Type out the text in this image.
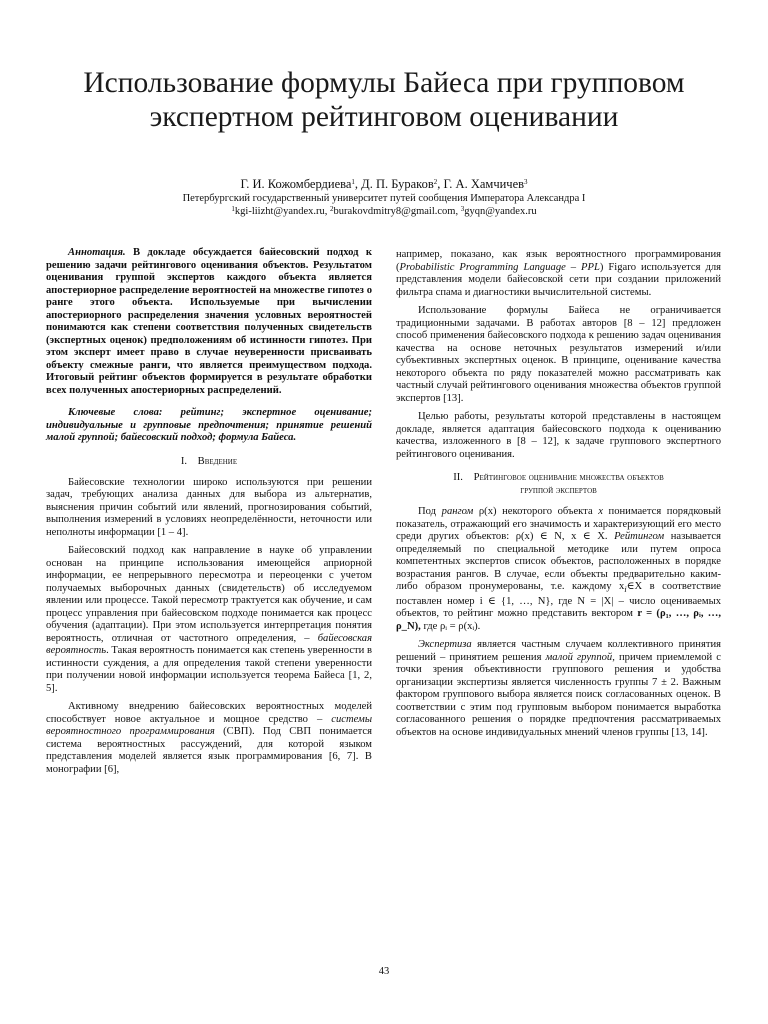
Использование формулы Байеса при групповом экспертном рейтинговом оценивании
Г. И. Кожомбердиева$^1$, Д. П. Бураков$^2$, Г. А. Хамчичев$^3$
Петербургский государственный университет путей сообщения Императора Александра I
$^1$kgi-liizht@yandex.ru, $^2$burakovdmitry8@gmail.com, $^3$gyqn@yandex.ru

Аннотация. В докладе обсуждается байесовский подход к решению задачи рейтингового оценивания объектов. Результатом оценивания группой экспертов каждого объекта является апостериорное распределение вероятностей на множестве гипотез о ранге этого объекта. Используемые при вычислении апостериорного распределения значения условных вероятностей понимаются как степени соответствия полученных свидетельств (экспертных оценок) предположениям об истинности гипотез. При этом эксперт имеет право в случае неуверенности присваивать объекту смежные ранги, что является преимуществом подхода. Итоговый рейтинг объектов формируется в результате обработки всех полученных апостериорных распределений.

Ключевые слова: рейтинг; экспертное оценивание; индивидуальные и групповые предпочтения; принятие решений малой группой; байесовский подход; формула Байеса.

I. Введение

Байесовские технологии широко используются при решении задач, требующих анализа данных для выбора из альтернатив, выяснения причин событий или явлений, прогнозирования событий, выполнения измерений в условиях неопределённости, неточности или неполноты информации [1 – 4].

Байесовский подход как направление в науке об управлении основан на принципе использования имеющейся априорной информации, ее непрерывного пересмотра и переоценки с учетом получаемых выборочных данных (свидетельств) об исследуемом явлении или процессе. Такой пересмотр трактуется как обучение, и сам процесс управления при байесовском подходе понимается как процесс обучения (адаптации). При этом используется интерпретация понятия вероятность, отличная от частотного определения, – байесовская вероятность. Такая вероятность понимается как степень уверенности в истинности суждения, а для определения такой степени уверенности при получении новой информации используется теорема Байеса [1, 2, 5].

Активному внедрению байесовских вероятностных моделей способствует новое актуальное и мощное средство – системы вероятностного программирования (СВП). Под СВП понимается система вероятностных рассуждений, для которой языком представления моделей является язык программирования [6, 7]. В монографии [6],

например, показано, как язык вероятностного программирования (Probabilistic Programming Language – PPL) Figaro используется для представления модели байесовской сети при создании приложений фильтра спама и диагностики вычислительной системы.

Использование формулы Байеса не ограничивается традиционными задачами. В работах авторов [8 – 12] предложен способ применения байесовского подхода к решению задач оценивания качества на основе неточных результатов измерений и/или субъективных экспертных оценок. В принципе, оценивание качества некоторого объекта по ряду показателей можно рассматривать как частный случай рейтингового оценивания множества объектов группой экспертов [13].

Целью работы, результаты которой представлены в настоящем докладе, является адаптация байесовского подхода к оцениванию качества, изложенного в [8 – 12], к задаче группового экспертного рейтингового оценивания.

II. Рейтинговое оценивание множества объектов
группой экспертов

Под рангом ρ(x) некоторого объекта x понимается порядковый показатель, отражающий его значимость и характеризующий его место среди других объектов: ρ(x) ∈ N, x ∈ X. Рейтингом называется определяемый по специальной методике или путем опроса компетентных экспертов список объектов, расположенных в порядке возрастания рангов. В случае, если объекты предварительно каким-либо образом пронумерованы, т.е. каждому $x_i\in X$ в соответствие поставлен номер i ∈ {1, …, N}, где N = |X| – число оцениваемых объектов, то рейтинг можно представить вектором r = (ρ₁, …, ρᵢ, …, ρ_N), где ρᵢ = ρ(xᵢ).

Экспертиза является частным случаем коллективного принятия решений – принятием решения малой группой, причем приемлемой с точки зрения объективности группового решения и удобства организации экспертизы является численность группы 7 ± 2. Важным фактором группового выбора является поиск согласованных оценок. В соответствии с этим под групповым выбором понимается выработка согласованного решения о порядке предпочтения рассматриваемых объектов на основе индивидуальных мнений членов группы [13, 14].

43
